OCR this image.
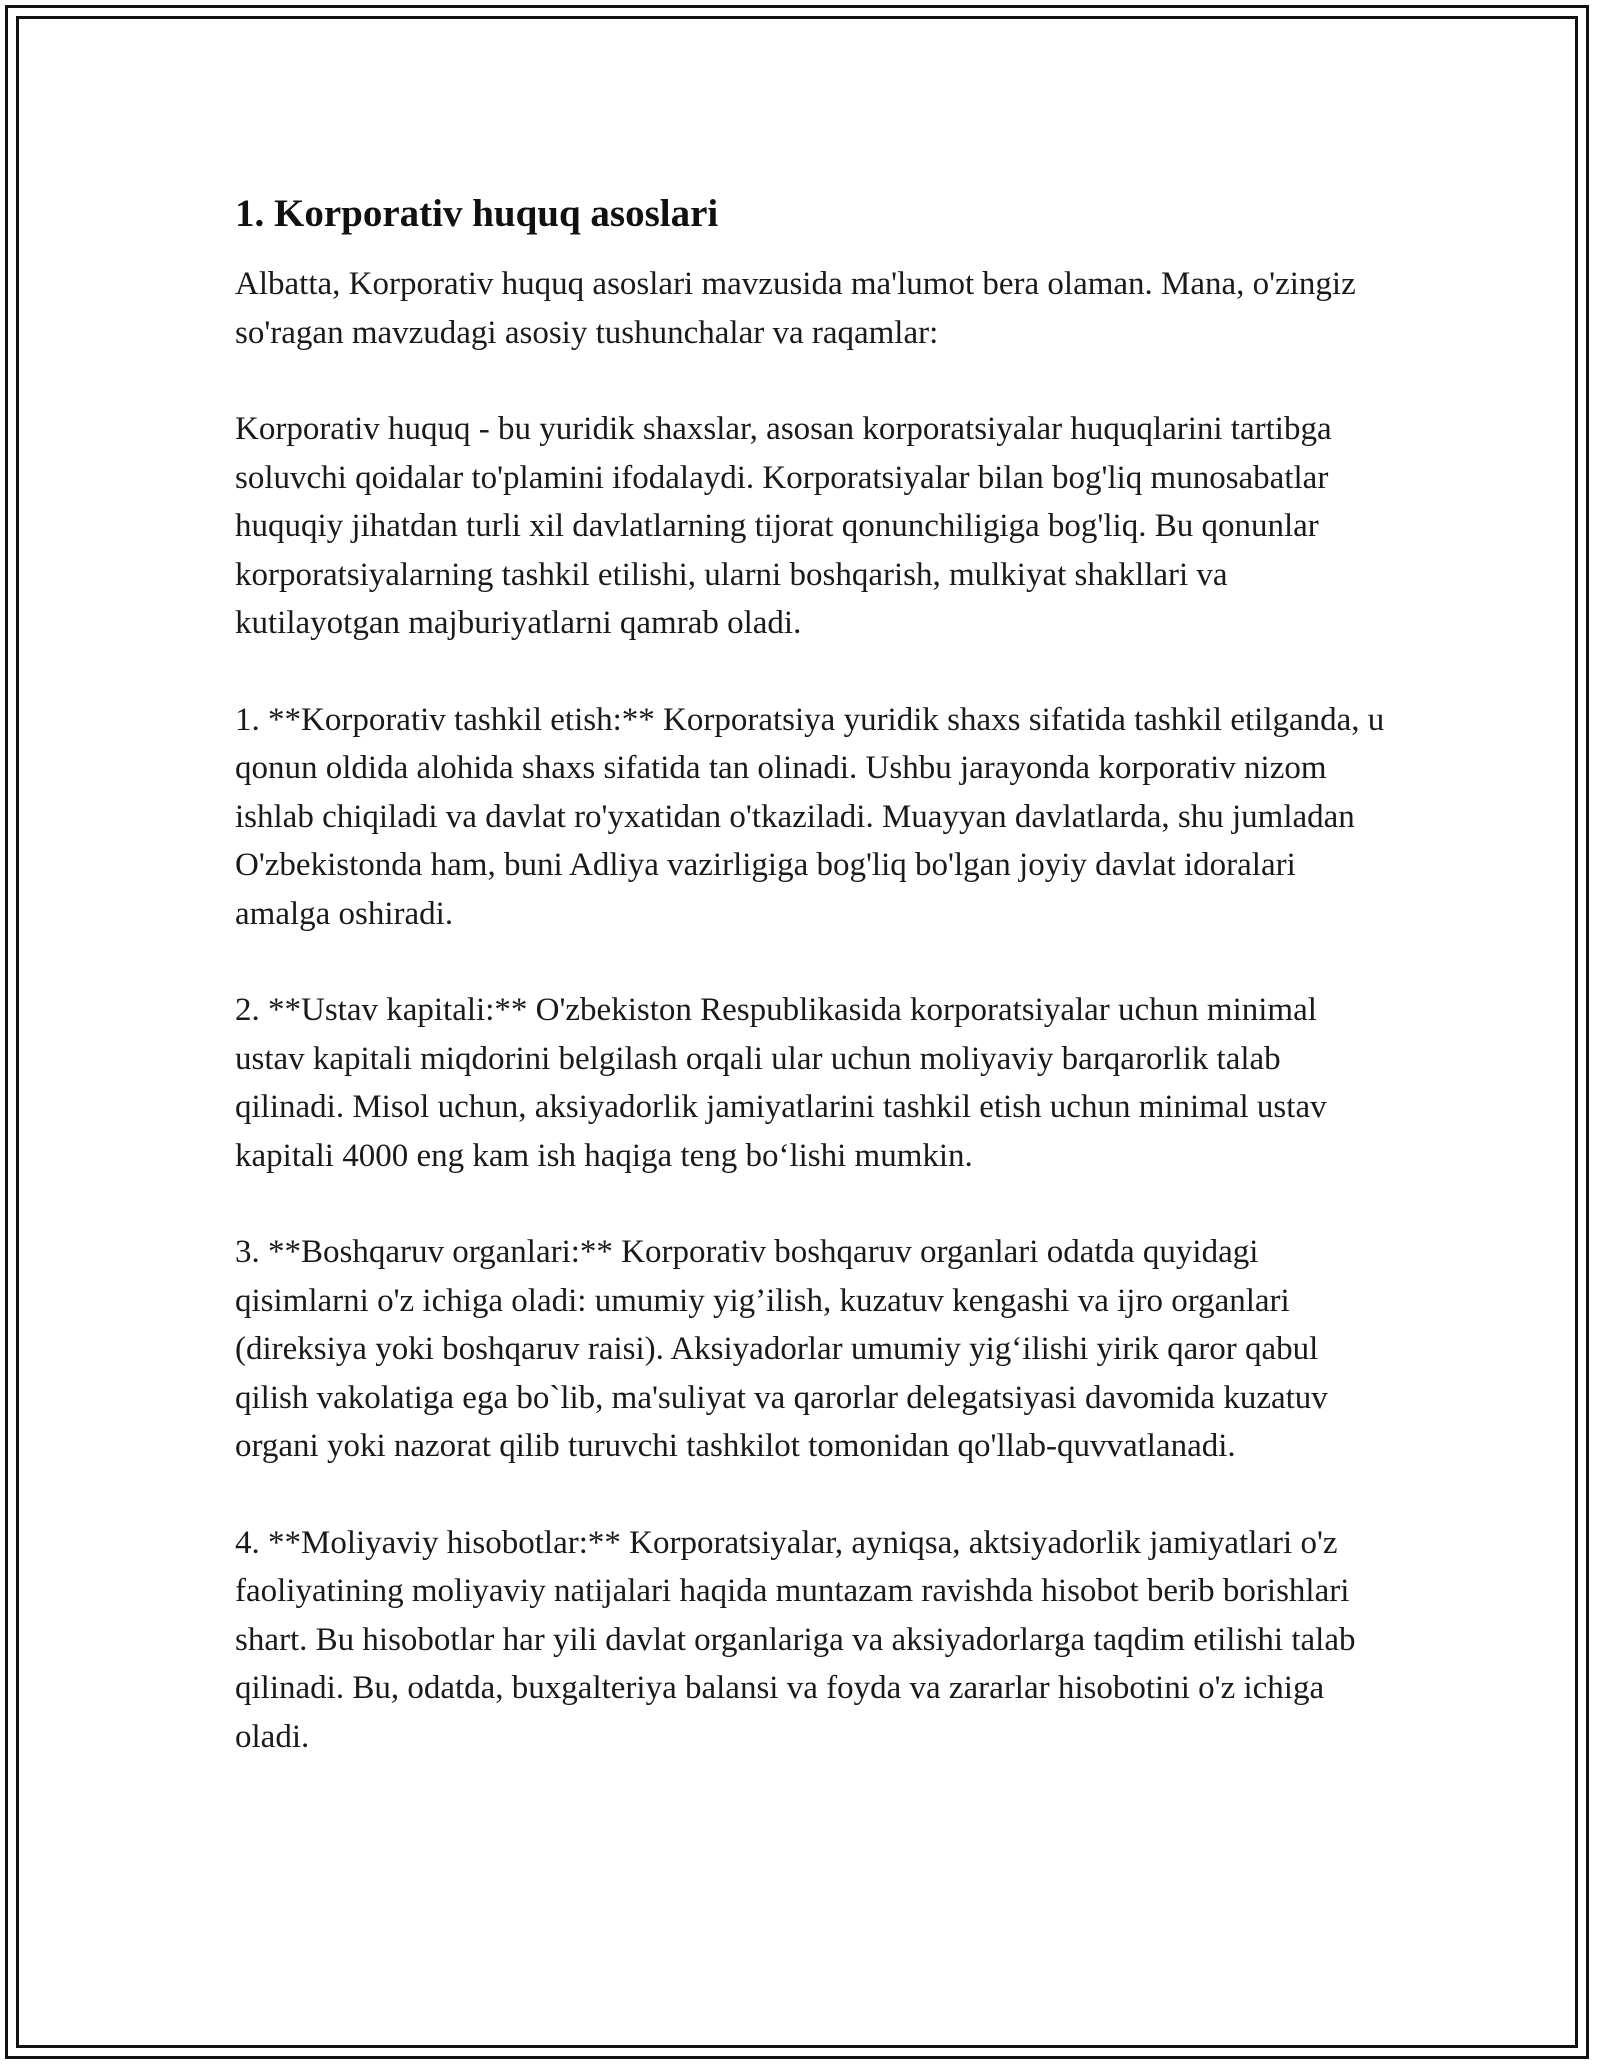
1. Korporativ huquq asoslari

Albatta, Korporativ huquq asoslari mavzusida ma'lumot bera olaman. Mana, o'zingiz so'ragan mavzudagi asosiy tushunchalar va raqamlar:

Korporativ huquq - bu yuridik shaxslar, asosan korporatsiyalar huquqlarini tartibga soluvchi qoidalar to'plamini ifodalaydi. Korporatsiyalar bilan bog'liq munosabatlar huquqiy jihatdan turli xil davlatlarning tijorat qonunchiligiga bog'liq. Bu qonunlar korporatsiyalarning tashkil etilishi, ularni boshqarish, mulkiyat shakllari va kutilayotgan majburiyatlarni qamrab oladi.

1. **Korporativ tashkil etish:** Korporatsiya yuridik shaxs sifatida tashkil etilganda, u qonun oldida alohida shaxs sifatida tan olinadi. Ushbu jarayonda korporativ nizom ishlab chiqiladi va davlat ro'yxatidan o'tkaziladi. Muayyan davlatlarda, shu jumladan O'zbekistonda ham, buni Adliya vazirligiga bog'liq bo'lgan joyiy davlat idoralari amalga oshiradi.

2. **Ustav kapitali:** O'zbekiston Respublikasida korporatsiyalar uchun minimal ustav kapitali miqdorini belgilash orqali ular uchun moliyaviy barqarorlik talab qilinadi. Misol uchun, aksiyadorlik jamiyatlarini tashkil etish uchun minimal ustav kapitali 4000 eng kam ish haqiga teng bo‘lishi mumkin.

3. **Boshqaruv organlari:** Korporativ boshqaruv organlari odatda quyidagi qisimlarni o'z ichiga oladi: umumiy yig’ilish, kuzatuv kengashi va ijro organlari (direksiya yoki boshqaruv raisi). Aksiyadorlar umumiy yig‘ilishi yirik qaror qabul qilish vakolatiga ega bo`lib, ma'suliyat va qarorlar delegatsiyasi davomida kuzatuv organi yoki nazorat qilib turuvchi tashkilot tomonidan qo'llab-quvvatlanadi.

4. **Moliyaviy hisobotlar:** Korporatsiyalar, ayniqsa, aktsiyadorlik jamiyatlari o'z faoliyatining moliyaviy natijalari haqida muntazam ravishda hisobot berib borishlari shart. Bu hisobotlar har yili davlat organlariga va aksiyadorlarga taqdim etilishi talab qilinadi. Bu, odatda, buxgalteriya balansi va foyda va zararlar hisobotini o'z ichiga oladi.
